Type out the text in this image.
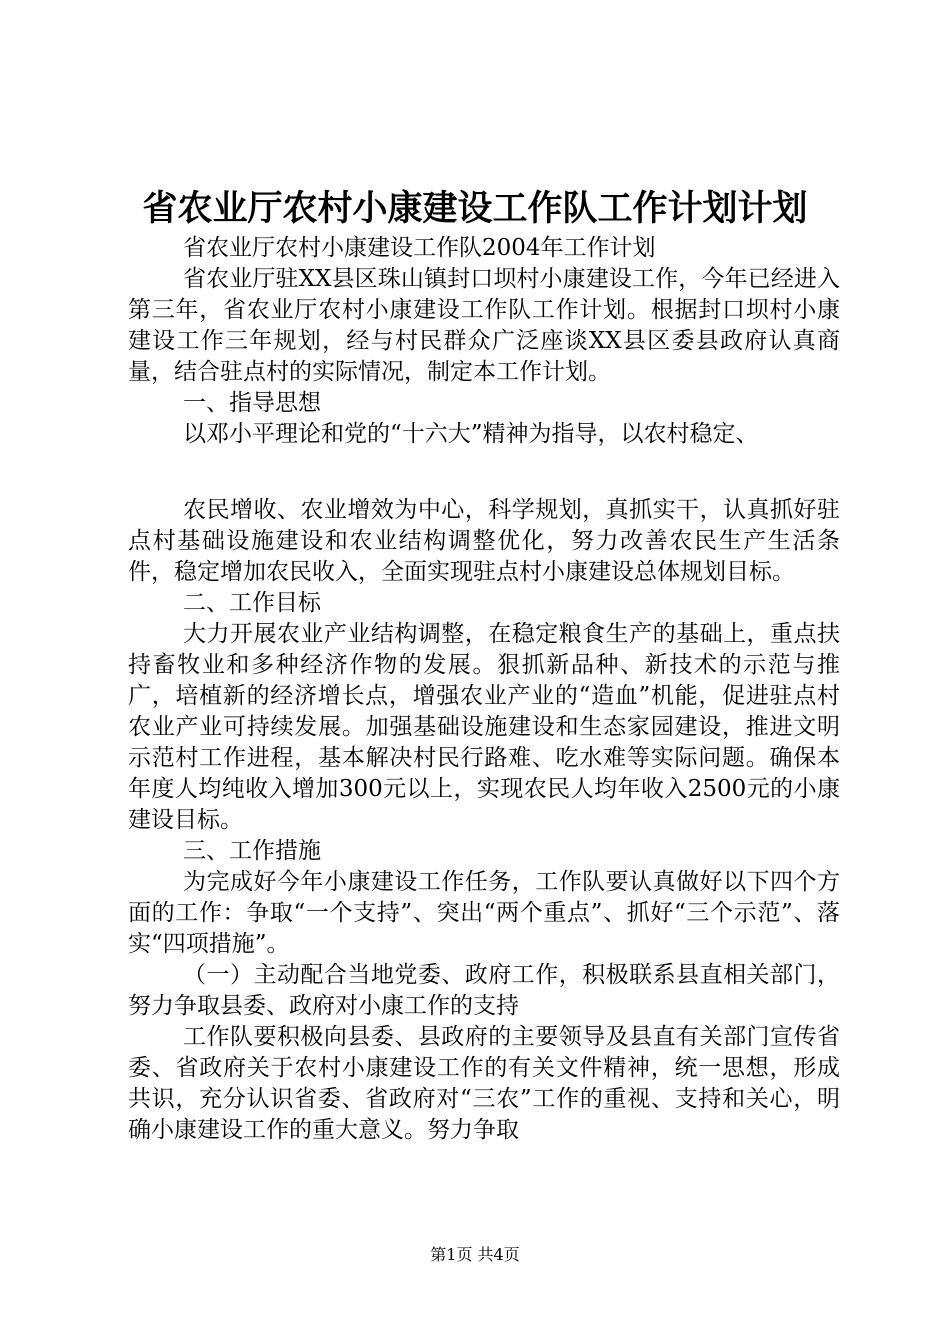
省农业厅农村小康建设工作队工作计划计划

省农业厅农村小康建设工作队2004年工作计划

省农业厅驻XX县区珠山镇封口坝村小康建设工作，今年已经进入第三年，省农业厅农村小康建设工作队工作计划。根据封口坝村小康建设工作三年规划，经与村民群众广泛座谈XX县区委县政府认真商量，结合驻点村的实际情况，制定本工作计划。

一、指导思想

以邓小平理论和党的“十六大”精神为指导，以农村稳定、

农民增收、农业增效为中心，科学规划，真抓实干，认真抓好驻点村基础设施建设和农业结构调整优化，努力改善农民生产生活条件，稳定增加农民收入，全面实现驻点村小康建设总体规划目标。

二、工作目标

大力开展农业产业结构调整，在稳定粮食生产的基础上，重点扶持畜牧业和多种经济作物的发展。狠抓新品种、新技术的示范与推广，培植新的经济增长点，增强农业产业的“造血”机能，促进驻点村农业产业可持续发展。加强基础设施建设和生态家园建设，推进文明示范村工作进程，基本解决村民行路难、吃水难等实际问题。确保本年度人均纯收入增加300元以上，实现农民人均年收入2500元的小康建设目标。

三、工作措施

为完成好今年小康建设工作任务，工作队要认真做好以下四个方面的工作：争取“一个支持”、突出“两个重点”、抓好“三个示范”、落实“四项措施”。

（一）主动配合当地党委、政府工作，积极联系县直相关部门，努力争取县委、政府对小康工作的支持

工作队要积极向县委、县政府的主要领导及县直有关部门宣传省委、省政府关于农村小康建设工作的有关文件精神，统一思想，形成共识，充分认识省委、省政府对“三农”工作的重视、支持和关心，明确小康建设工作的重大意义。努力争取

第1页 共4页
